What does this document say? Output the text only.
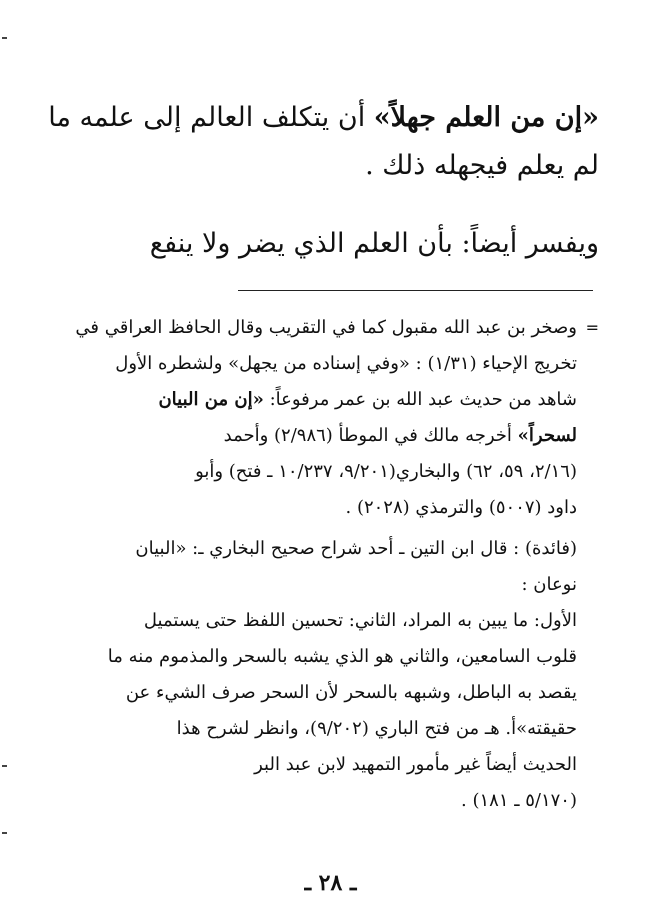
«إن من العلم جهلاً» أن يتكلف العالم إلى علمه ما
لم يعلم فيجهله ذلك .
ويفسر أيضاً: بأن العلم الذي يضر ولا ينفع
=
وصخر بن عبد الله مقبول كما في التقريب وقال الحافظ العراقي في
تخريج الإحياء (١/٣١) : «وفي إسناده من يجهل» ولشطره الأول
شاهد من حديث عبد الله بن عمر مرفوعاً: «إن من البيان
لسحراً» أخرجه مالك في الموطأ (٢/٩٨٦) وأحمد
(٢/١٦، ٥٩، ٦٢) والبخاري(٩/٢٠١، ١٠/٢٣٧ ـ فتح) وأبو
داود (٥٠٠٧) والترمذي (٢٠٢٨) .
(فائدة) : قال ابن التين ـ أحد شراح صحيح البخاري ـ: «البيان
نوعان :
الأول: ما يبين به المراد، الثاني: تحسين اللفظ حتى يستميل
قلوب السامعين، والثاني هو الذي يشبه بالسحر والمذموم منه ما
يقصد به الباطل، وشبهه بالسحر لأن السحر صرف الشيء عن
حقيقته»أ. هـ من فتح الباري (٩/٢٠٢)، وانظر لشرح هذا
الحديث أيضاً غير مأمور التمهيد لابن عبد البر
(٥/١٧٠ ـ ١٨١) .
ـ ٢٨ ـ
